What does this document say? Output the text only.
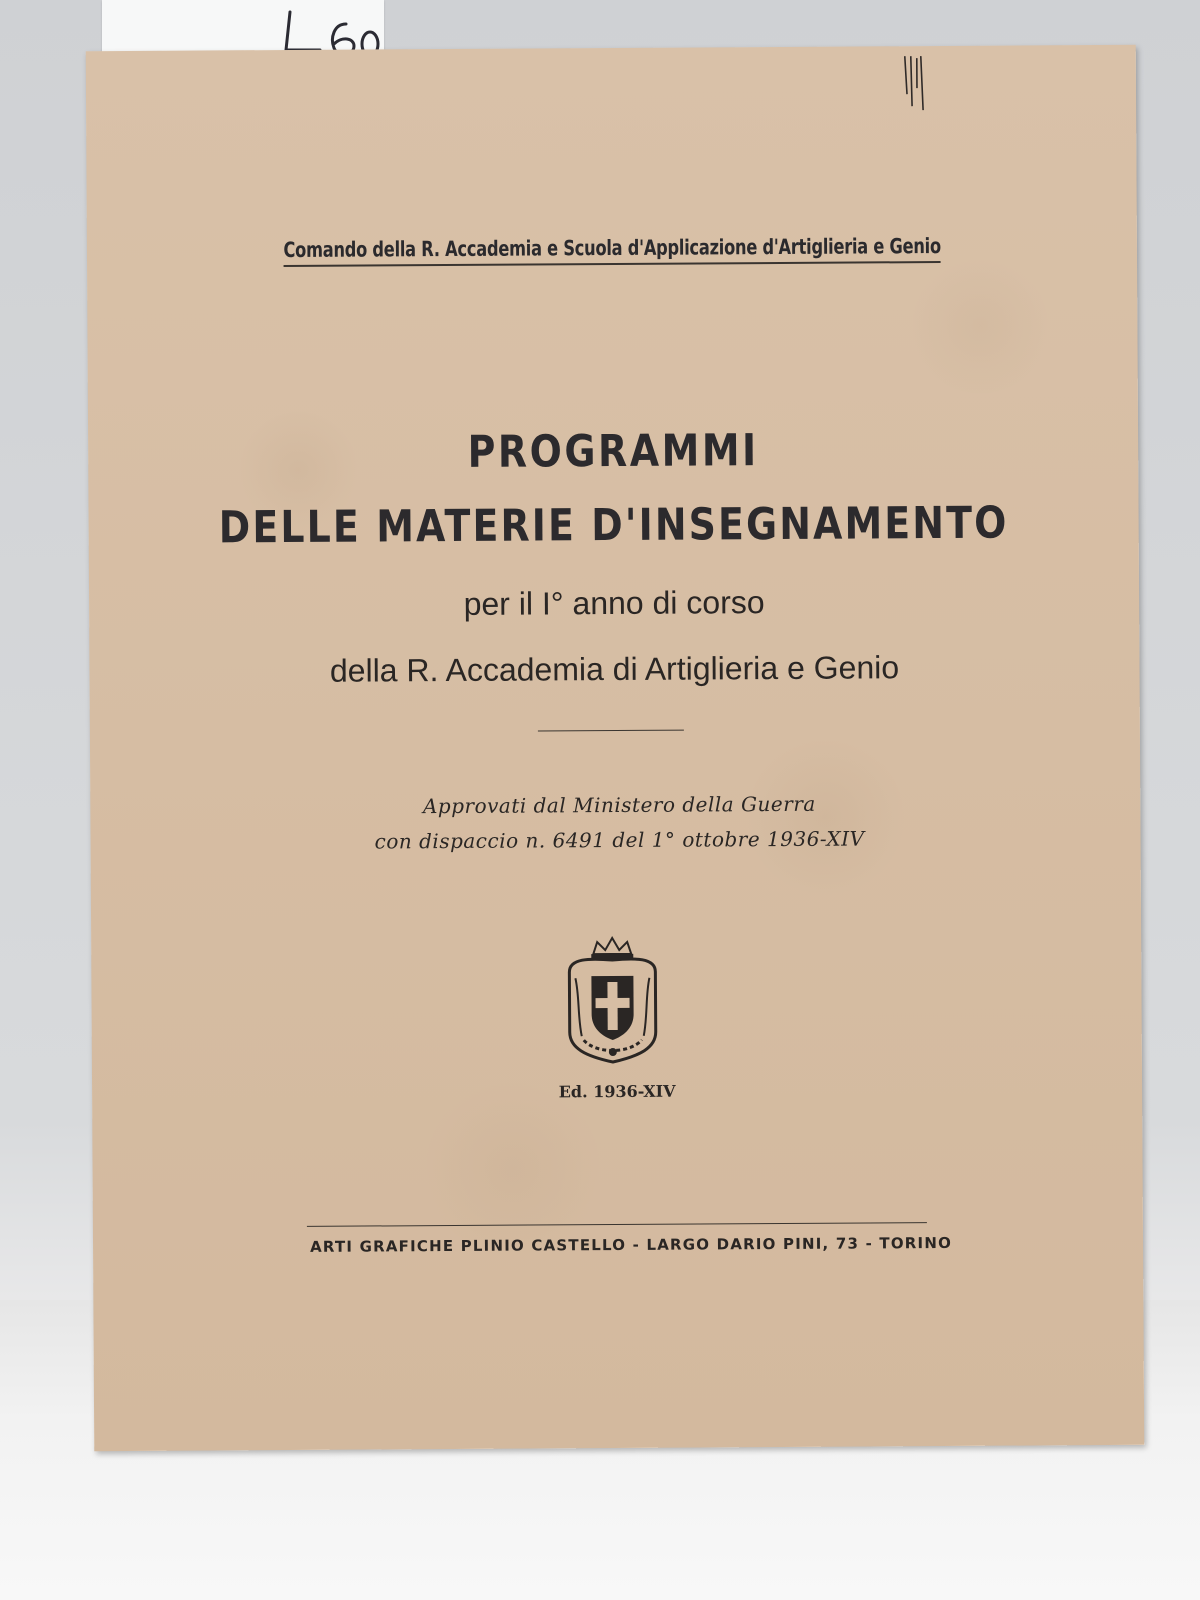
Comando della R. Accademia e Scuola d'Applicazione d'Artiglieria e Genio
PROGRAMMI
DELLE MATERIE D'INSEGNAMENTO
per il I° anno di corso
della R. Accademia di Artiglieria e Genio
Approvati dal Ministero della Guerra
con dispaccio n. 6491 del 1° ottobre 1936-XIV
Ed. 1936-XIV
ARTI GRAFICHE PLINIO CASTELLO - LARGO DARIO PINI, 73 - TORINO
